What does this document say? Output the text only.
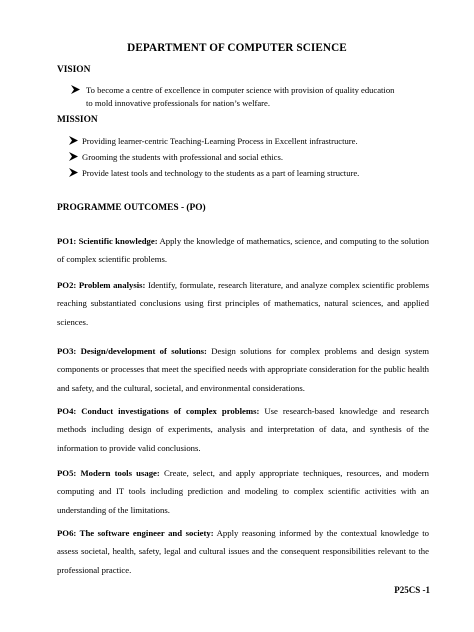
DEPARTMENT OF COMPUTER SCIENCE
VISION
To become a centre of excellence in computer science with provision of quality education
to mold innovative professionals for nation’s welfare.
MISSION
Providing learner-centric Teaching-Learning Process in Excellent infrastructure.
Grooming the students with professional and social ethics.
Provide latest tools and technology to the students as a part of learning structure.
PROGRAMME OUTCOMES - (PO)
PO1: Scientific knowledge: Apply the knowledge of mathematics, science, and computing to the solution of complex scientific problems.
PO2: Problem analysis: Identify, formulate, research literature, and analyze complex scientific problems reaching substantiated conclusions using first principles of mathematics, natural sciences, and applied sciences.
PO3: Design/development of solutions: Design solutions for complex problems and design system components or processes that meet the specified needs with appropriate consideration for the public health and safety, and the cultural, societal, and environmental considerations.
PO4: Conduct investigations of complex problems: Use research-based knowledge and research methods including design of experiments, analysis and interpretation of data, and synthesis of the information to provide valid conclusions.
PO5: Modern tools usage: Create, select, and apply appropriate techniques, resources, and modern computing and IT tools including prediction and modeling to complex scientific activities with an understanding of the limitations.
PO6: The software engineer and society: Apply reasoning informed by the contextual knowledge to assess societal, health, safety, legal and cultural issues and the consequent responsibilities relevant to the professional practice.
P25CS -1
